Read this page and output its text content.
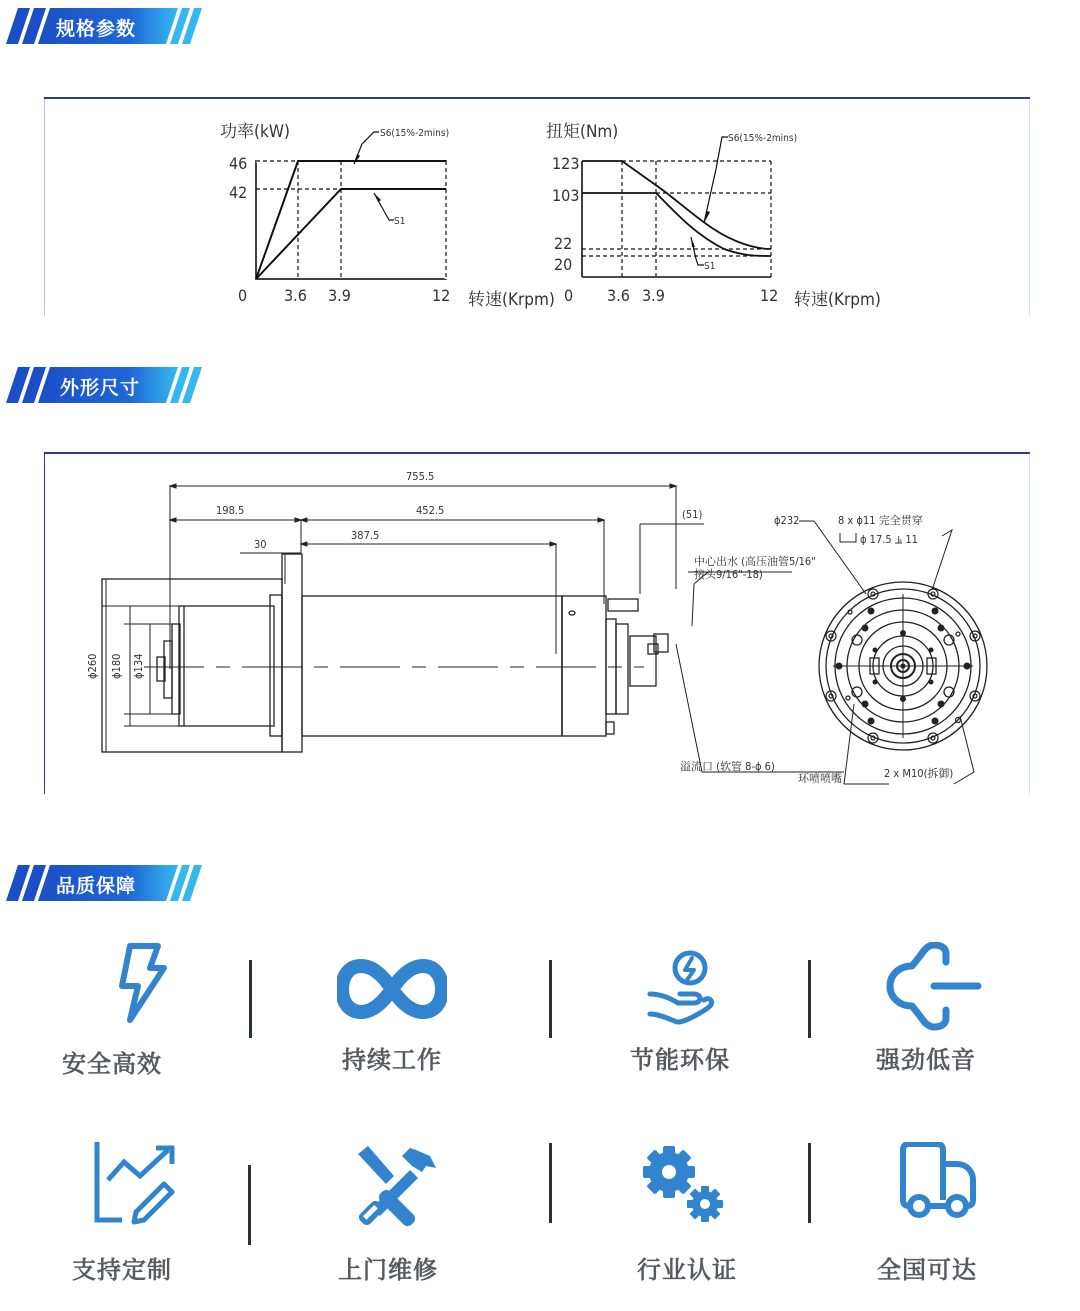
规格参数
功率(kW)
46
42
0 3.6 3.9	12 转速(Krpm)
S6(15%-2mins)
S1
扭矩(Nm)
123
103
22
20
0 3.6 3.9	12 转速(Krpm)
S6(15%-2mins)
S1
外形尺寸
755.5
198.5	452.5
387.5
30
(51)
ϕ260 ϕ180 ϕ134
中心出水 (高压油管5/16"
接头9/16"-18)
溢流口 (软管 8-ϕ 6)
环喷喷嘴
ϕ232	8 x ϕ11 完全贯穿
ϕ 17.5 ⫡ 11
2 x M10(拆御)
品质保障
安全高效	持续工作	节能环保	强劲低音
支持定制	上门维修	行业认证	全国可达
